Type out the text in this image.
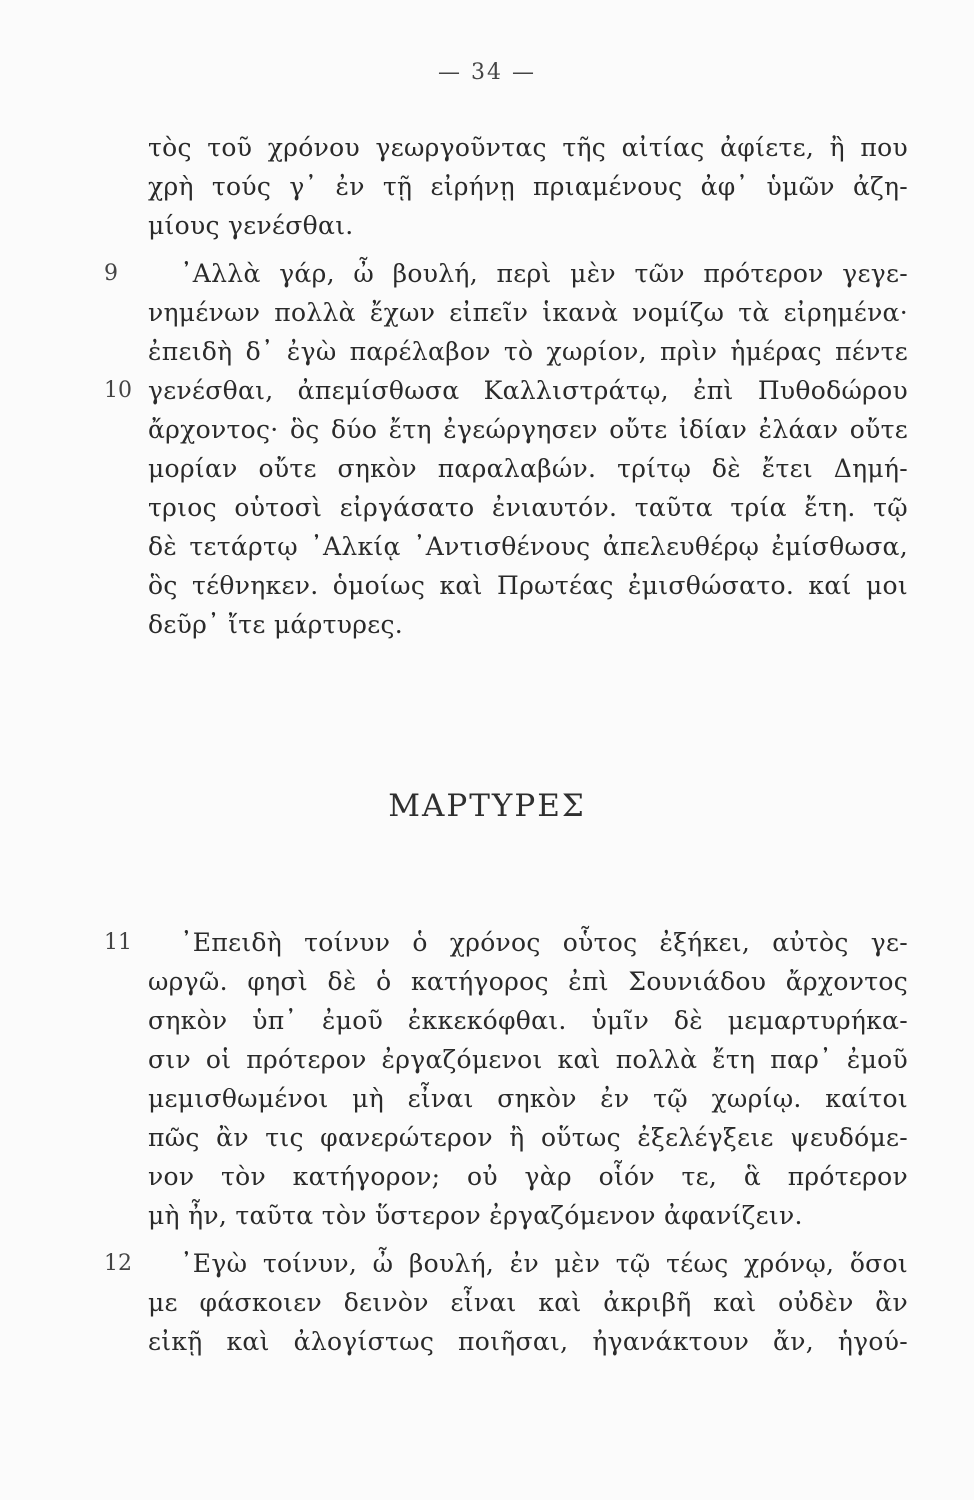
— 34 —
τὸς τοῦ χρόνου γεωργοῦντας τῆς αἰτίας ἀφίετε, ἢ που
χρὴ τούς γ᾽ ἐν τῇ εἰρήνῃ πριαμένους ἀφ᾽ ὑμῶν ἀζη-
μίους γενέσθαι.
9 ᾽Αλλὰ γάρ, ὦ βουλή, περὶ μὲν τῶν πρότερον γεγε-
νημένων πολλὰ ἔχων εἰπεῖν ἱκανὰ νομίζω τὰ εἰρημένα·
ἐπειδὴ δ᾽ ἐγὼ παρέλαβον τὸ χωρίον, πρὶν ἡμέρας πέντε
10 γενέσθαι, ἀπεμίσθωσα Καλλιστράτῳ, ἐπὶ Πυθοδώρου
ἄρχοντος· ὃς δύο ἔτη ἐγεώργησεν οὔτε ἰδίαν ἐλάαν οὔτε
μορίαν οὔτε σηκὸν παραλαβών. τρίτῳ δὲ ἔτει Δημή-
τριος οὑτοσὶ εἰργάσατο ἐνιαυτόν. ταῦτα τρία ἔτη. τῷ
δὲ τετάρτῳ ᾽Αλκίᾳ ᾽Αντισθένους ἀπελευθέρῳ ἐμίσθωσα,
ὃς τέθνηκεν. ὁμοίως καὶ Πρωτέας ἐμισθώσατο. καί μοι
δεῦρ᾽ ἴτε μάρτυρες.
ΜΑΡΤΥΡΕΣ
11 ᾽Επειδὴ τοίνυν ὁ χρόνος οὗτος ἐξήκει, αὐτὸς γε-
ωργῶ. φησὶ δὲ ὁ κατήγορος ἐπὶ Σουνιάδου ἄρχοντος
σηκὸν ὑπ᾽ ἐμοῦ ἐκκεκόφθαι. ὑμῖν δὲ μεμαρτυρήκα-
σιν οἱ πρότερον ἐργαζόμενοι καὶ πολλὰ ἔτη παρ᾽ ἐμοῦ
μεμισθωμένοι μὴ εἶναι σηκὸν ἐν τῷ χωρίῳ. καίτοι
πῶς ἂν τις φανερώτερον ἢ οὕτως ἐξελέγξειε ψευδόμε-
νον τὸν κατήγορον; οὐ γὰρ οἷόν τε, ἃ πρότερον
μὴ ἦν, ταῦτα τὸν ὕστερον ἐργαζόμενον ἀφανίζειν.
12 ᾽Εγὼ τοίνυν, ὦ βουλή, ἐν μὲν τῷ τέως χρόνῳ, ὅσοι
με φάσκοιεν δεινὸν εἶναι καὶ ἀκριβῆ καὶ οὐδὲν ἂν
εἰκῇ καὶ ἀλογίστως ποιῆσαι, ἠγανάκτουν ἄν, ἡγού-
